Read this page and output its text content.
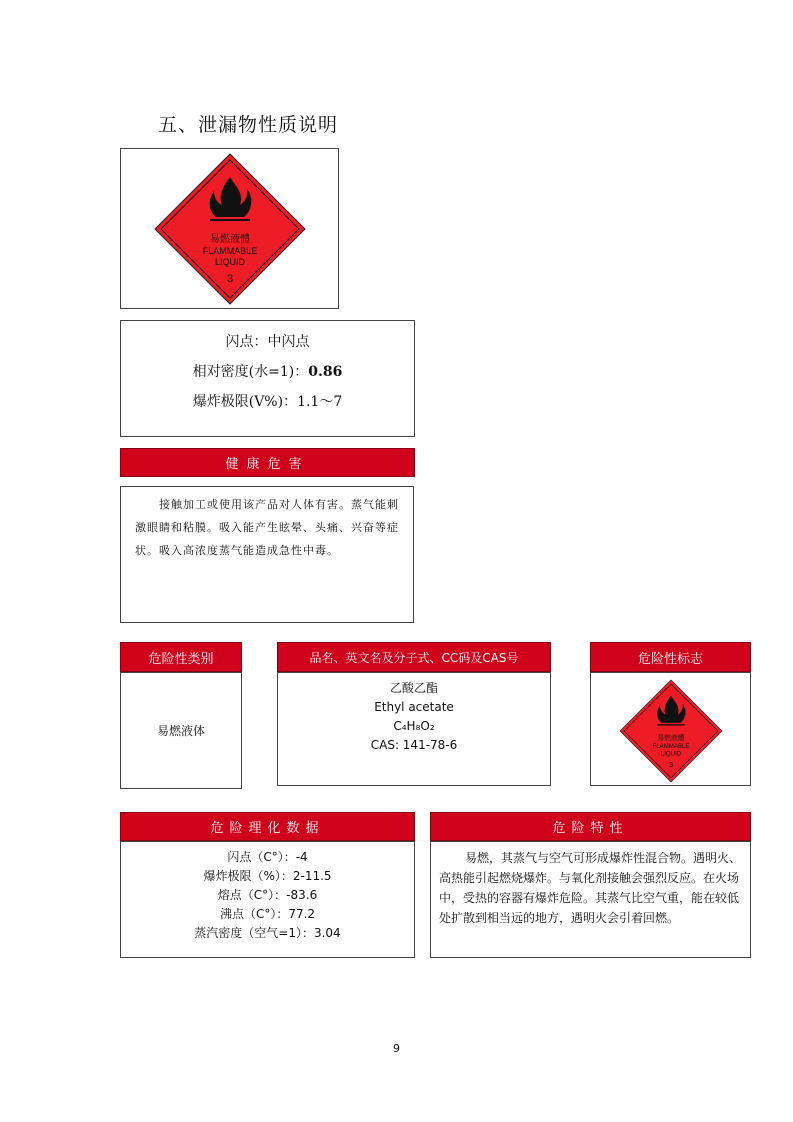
五、泄漏物性质说明
易燃液體
FLAMMABLE
LIQUID
3
闪点：中闪点
相对密度(水=1)：0.86
爆炸极限(V%)：1.1～7
健康危害
接触加工或使用该产品对人体有害。蒸气能刺激眼睛和粘膜。吸入能产生眩晕、头痛、兴奋等症状。吸入高浓度蒸气能造成急性中毒。
危险性类别
易燃液体
品名、英文名及分子式、CC码及CAS号
乙酸乙酯
Ethyl acetate
C₄H₈O₂
CAS: 141-78-6
危险性标志
易燃液體
FLAMMABLE
LIQUID
3
危险理化数据
闪点（C°）：-4
爆炸极限（%）：2-11.5
熔点（C°）：-83.6
沸点（C°）：77.2
蒸汽密度（空气=1）：3.04
危险特性
易燃，其蒸气与空气可形成爆炸性混合物。遇明火、高热能引起燃烧爆炸。与氧化剂接触会强烈反应。在火场中，受热的容器有爆炸危险。其蒸气比空气重，能在较低处扩散到相当远的地方，遇明火会引着回燃。
9
